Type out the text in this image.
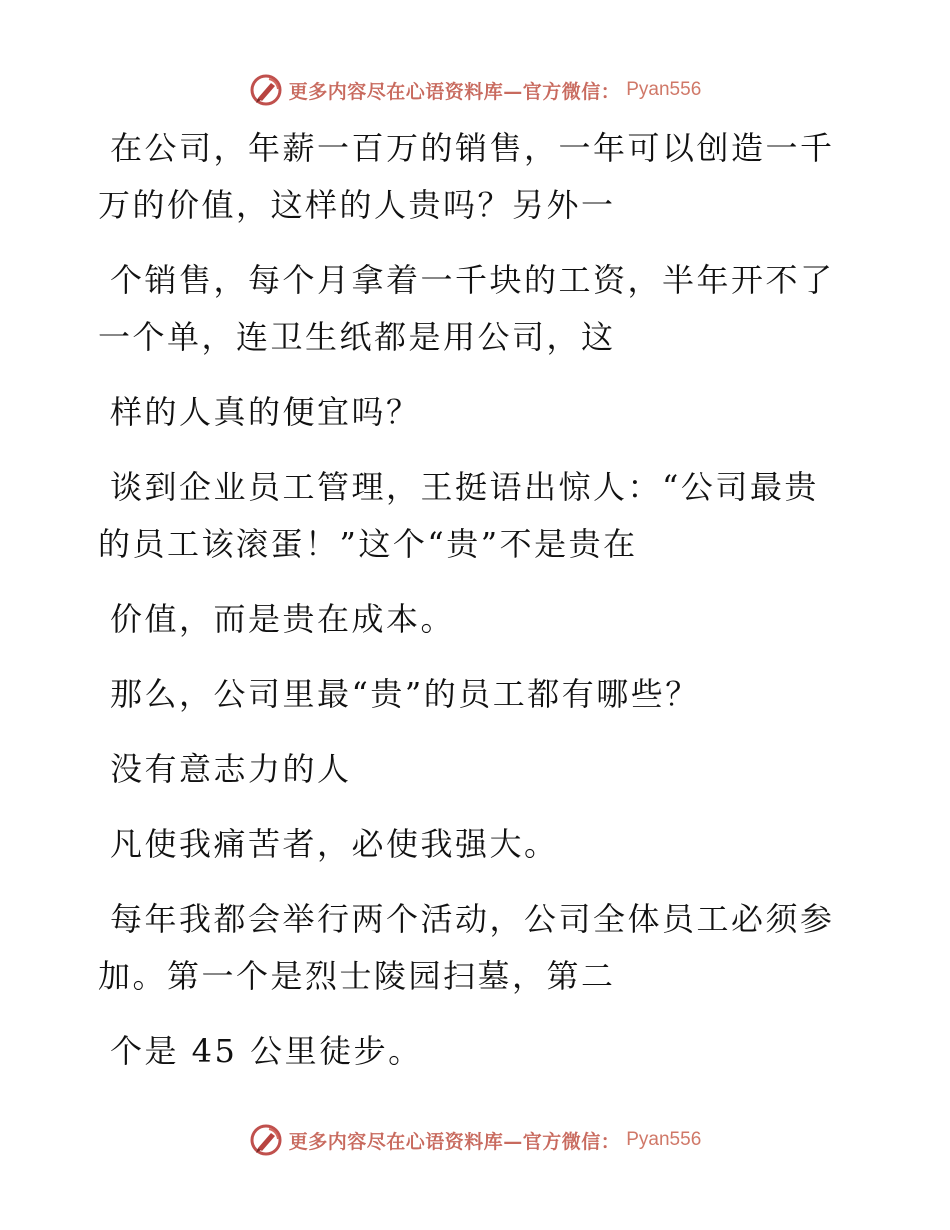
更多内容尽在心语资料库—官方微信： Pyan556
在公司，年薪一百万的销售，一年可以创造一千
万的价值，这样的人贵吗？另外一
个销售，每个月拿着一千块的工资，半年开不了
一个单，连卫生纸都是用公司，这
样的人真的便宜吗？
谈到企业员工管理，王挺语出惊人：“公司最贵
的员工该滚蛋！”这个“贵”不是贵在
价值，而是贵在成本。
那么，公司里最“贵”的员工都有哪些？
没有意志力的人
凡使我痛苦者，必使我强大。
每年我都会举行两个活动，公司全体员工必须参
加。第一个是烈士陵园扫墓，第二
个是 45 公里徒步。
更多内容尽在心语资料库—官方微信： Pyan556
